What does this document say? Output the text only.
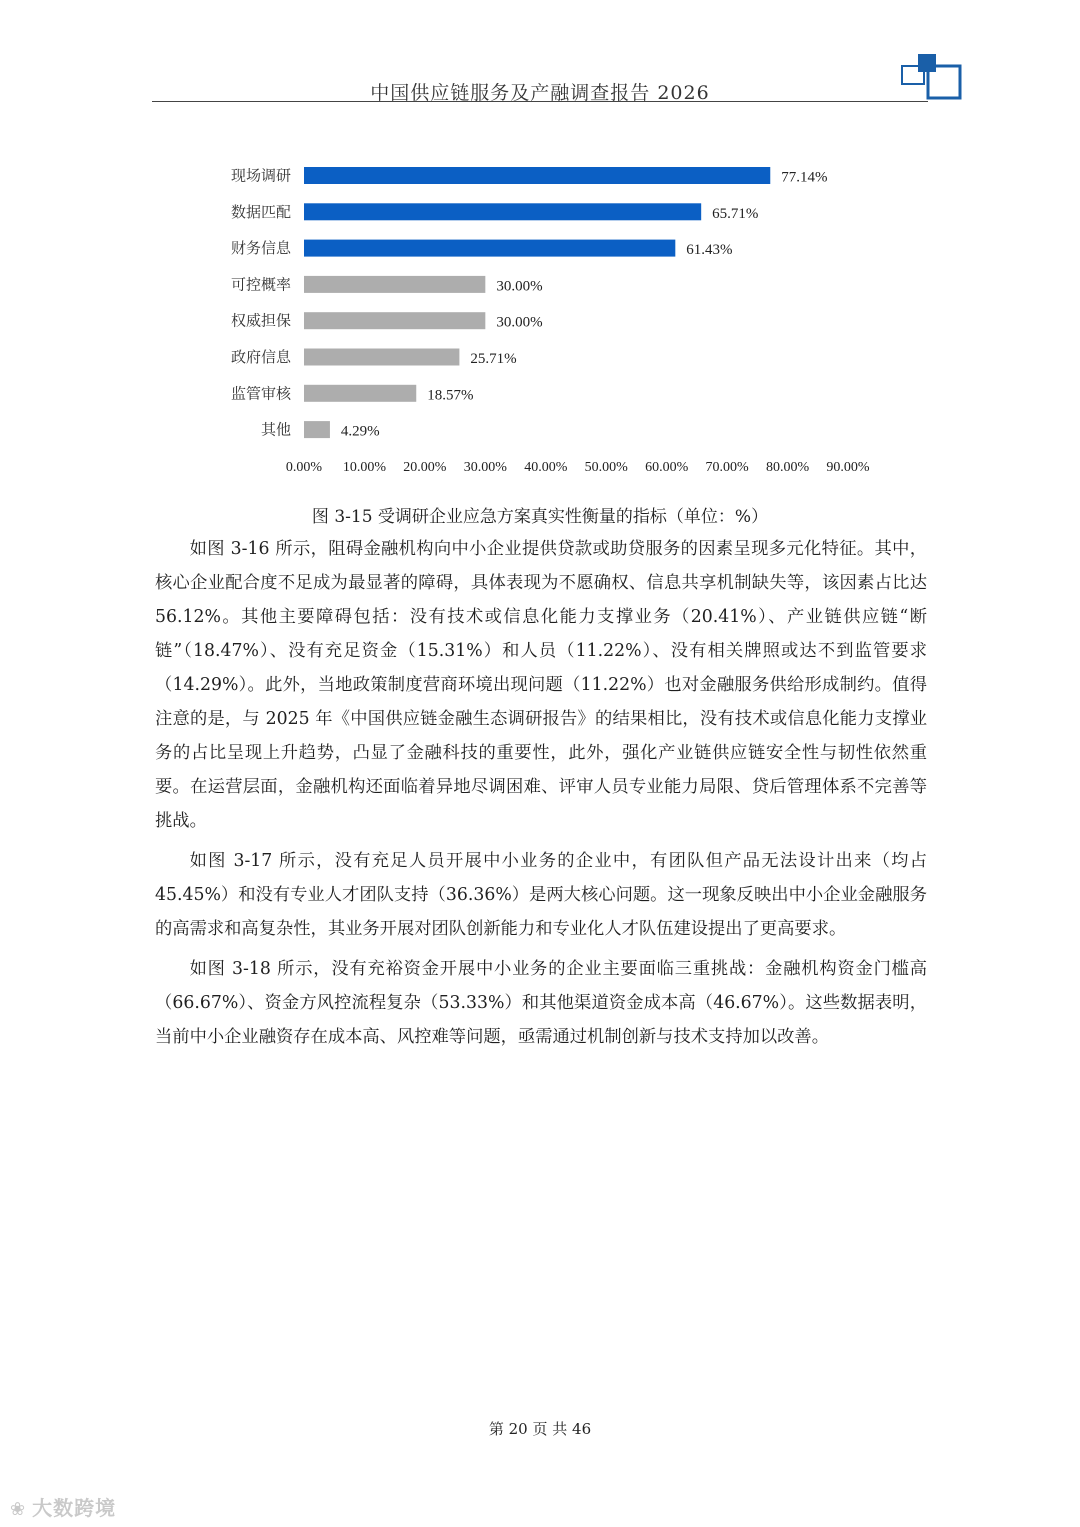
中国供应链服务及产融调查报告 2026
现场调研	77.14%
数据匹配	65.71%
财务信息	61.43%
可控概率	30.00%
权威担保	30.00%
政府信息	25.71%
监管审核	18.57%
其他	4.29%
0.00% 10.00% 20.00% 30.00% 40.00% 50.00% 60.00% 70.00% 80.00% 90.00%
图 3-15 受调研企业应急方案真实性衡量的指标（单位：%）

如图 3-16 所示，阻碍金融机构向中小企业提供贷款或助贷服务的因素呈现多元化特征。其中，核心企业配合度不足成为最显著的障碍，具体表现为不愿确权、信息共享机制缺失等，该因素占比达 56.12%。其他主要障碍包括：没有技术或信息化能力支撑业务（20.41%）、产业链供应链“断链”（18.47%）、没有充足资金（15.31%）和人员（11.22%）、没有相关牌照或达不到监管要求（14.29%）。此外，当地政策制度营商环境出现问题（11.22%）也对金融服务供给形成制约。值得注意的是，与 2025 年《中国供应链金融生态调研报告》的结果相比，没有技术或信息化能力支撑业务的占比呈现上升趋势，凸显了金融科技的重要性，此外，强化产业链供应链安全性与韧性依然重要。在运营层面，金融机构还面临着异地尽调困难、评审人员专业能力局限、贷后管理体系不完善等挑战。

如图 3-17 所示，没有充足人员开展中小业务的企业中，有团队但产品无法设计出来（均占 45.45%）和没有专业人才团队支持（36.36%）是两大核心问题。这一现象反映出中小企业金融服务的高需求和高复杂性，其业务开展对团队创新能力和专业化人才队伍建设提出了更高要求。

如图 3-18 所示，没有充裕资金开展中小业务的企业主要面临三重挑战：金融机构资金门槛高（66.67%）、资金方风控流程复杂（53.33%）和其他渠道资金成本高（46.67%）。这些数据表明，当前中小企业融资存在成本高、风控难等问题，亟需通过机制创新与技术支持加以改善。

第 20 页 共 46
❀ 大数跨境
